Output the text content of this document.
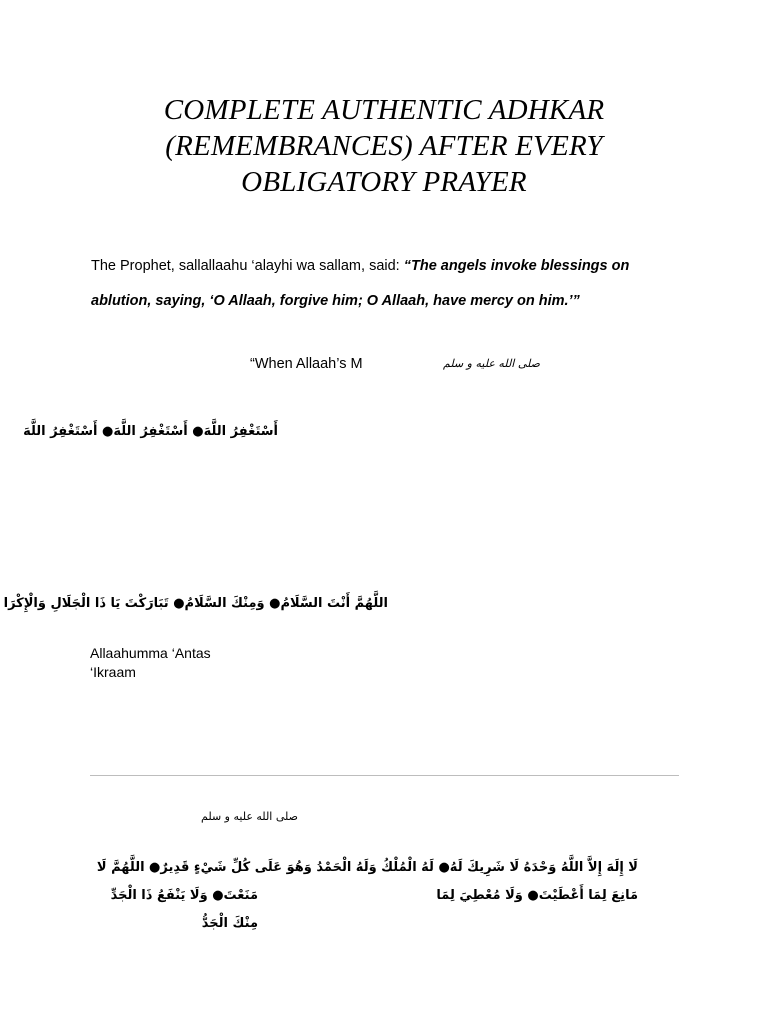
COMPLETE AUTHENTIC ADHKAR
(REMEMBRANCES) AFTER EVERY
OBLIGATORY PRAYER
The Prophet, sallallaahu ‘alayhi wa sallam, said: “The angels invoke blessings on
ablution, saying, ‘O Allaah, forgive him; O Allaah, have mercy on him.’”
“When Allaah’s M	صلى الله عليه و سلم
أَسْتَغْفِرُ اللَّهَ● أَسْتَغْفِرُ اللَّهَ● أَسْتَغْفِرُ اللَّهَ
اللَّهُمَّ أَنْتَ السَّلَامُ● وَمِنْكَ السَّلَامُ● تَبَارَكْتَ يَا ذَا الْجَلَالِ وَالْإِكْرَا
Allaahumma ‘Antas
‘Ikraam
صلى الله عليه و سلم
لَا إِلَهَ إِلاَّ اللَّهُ وَحْدَهُ لَا شَرِيكَ لَهُ● لَهُ الْمُلْكُ وَلَهُ الْحَمْدُ وَهُوَ عَلَى كُلِّ شَيْءٍ قَدِيرٌ● اللَّهُمَّ لَا مَانِعَ لِمَا أَعْطَيْتَ● وَلَا مُعْطِيَ لِمَا
مَنَعْتَ● وَلَا يَنْفَعُ ذَا الْجَدِّ مِنْكَ الْجَدُّ
